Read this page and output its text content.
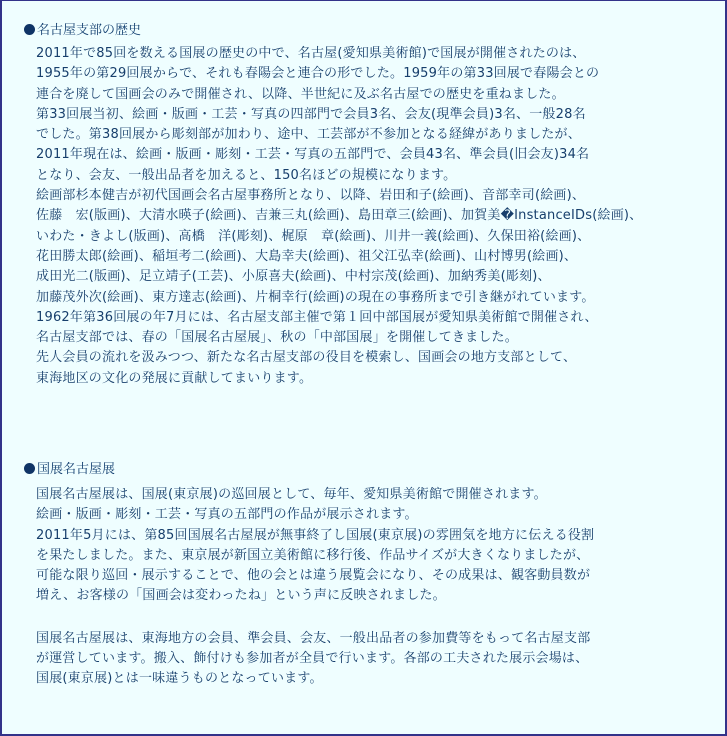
名古屋支部の歴史
2011年で85回を数える国展の歴史の中で、名古屋(愛知県美術館)で国展が開催されたのは、
1955年の第29回展からで、それも春陽会と連合の形でした。1959年の第33回展で春陽会との
連合を廃して国画会のみで開催され、以降、半世紀に及ぶ名古屋での歴史を重ねました。
第33回展当初、絵画・版画・工芸・写真の四部門で会員3名、会友(現準会員)3名、一般28名
でした。第38回展から彫刻部が加わり、途中、工芸部が不参加となる経緯がありましたが、
2011年現在は、絵画・版画・彫刻・工芸・写真の五部門で、会員43名、準会員(旧会友)34名
となり、会友、一般出品者を加えると、150名ほどの規模になります。
絵画部杉本健吉が初代国画会名古屋事務所となり、以降、岩田和子(絵画)、音部幸司(絵画)、
佐藤　宏(版画)、大清水暎子(絵画)、吉兼三丸(絵画)、島田章三(絵画)、加賀美�InstanceIDs(絵画)、
いわた・きよし(版画)、高橋　洋(彫刻)、梶原　章(絵画)、川井一義(絵画)、久保田裕(絵画)、
花田勝太郎(絵画)、稲垣考二(絵画)、大島幸夫(絵画)、祖父江弘幸(絵画)、山村博男(絵画)、
成田光二(版画)、足立靖子(工芸)、小原喜夫(絵画)、中村宗茂(絵画)、加納秀美(彫刻)、
加藤茂外次(絵画)、東方達志(絵画)、片桐幸行(絵画)の現在の事務所まで引き継がれています。
1962年第36回展の年7月には、名古屋支部主催で第１回中部国展が愛知県美術館で開催され、
名古屋支部では、春の「国展名古屋展」、秋の「中部国展」を開催してきました。
先人会員の流れを汲みつつ、新たな名古屋支部の役目を模索し、国画会の地方支部として、
東海地区の文化の発展に貢献してまいります。
国展名古屋展
国展名古屋展は、国展(東京展)の巡回展として、毎年、愛知県美術館で開催されます。
絵画・版画・彫刻・工芸・写真の五部門の作品が展示されます。
2011年5月には、第85回国展名古屋展が無事終了し国展(東京展)の雰囲気を地方に伝える役割
を果たしました。また、東京展が新国立美術館に移行後、作品サイズが大きくなりましたが、
可能な限り巡回・展示することで、他の会とは違う展覧会になり、その成果は、観客動員数が
増え、お客様の「国画会は変わったね」という声に反映されました。
国展名古屋展は、東海地方の会員、準会員、会友、一般出品者の参加費等をもって名古屋支部
が運営しています。搬入、飾付けも参加者が全員で行います。各部の工夫された展示会場は、
国展(東京展)とは一味違うものとなっています。
